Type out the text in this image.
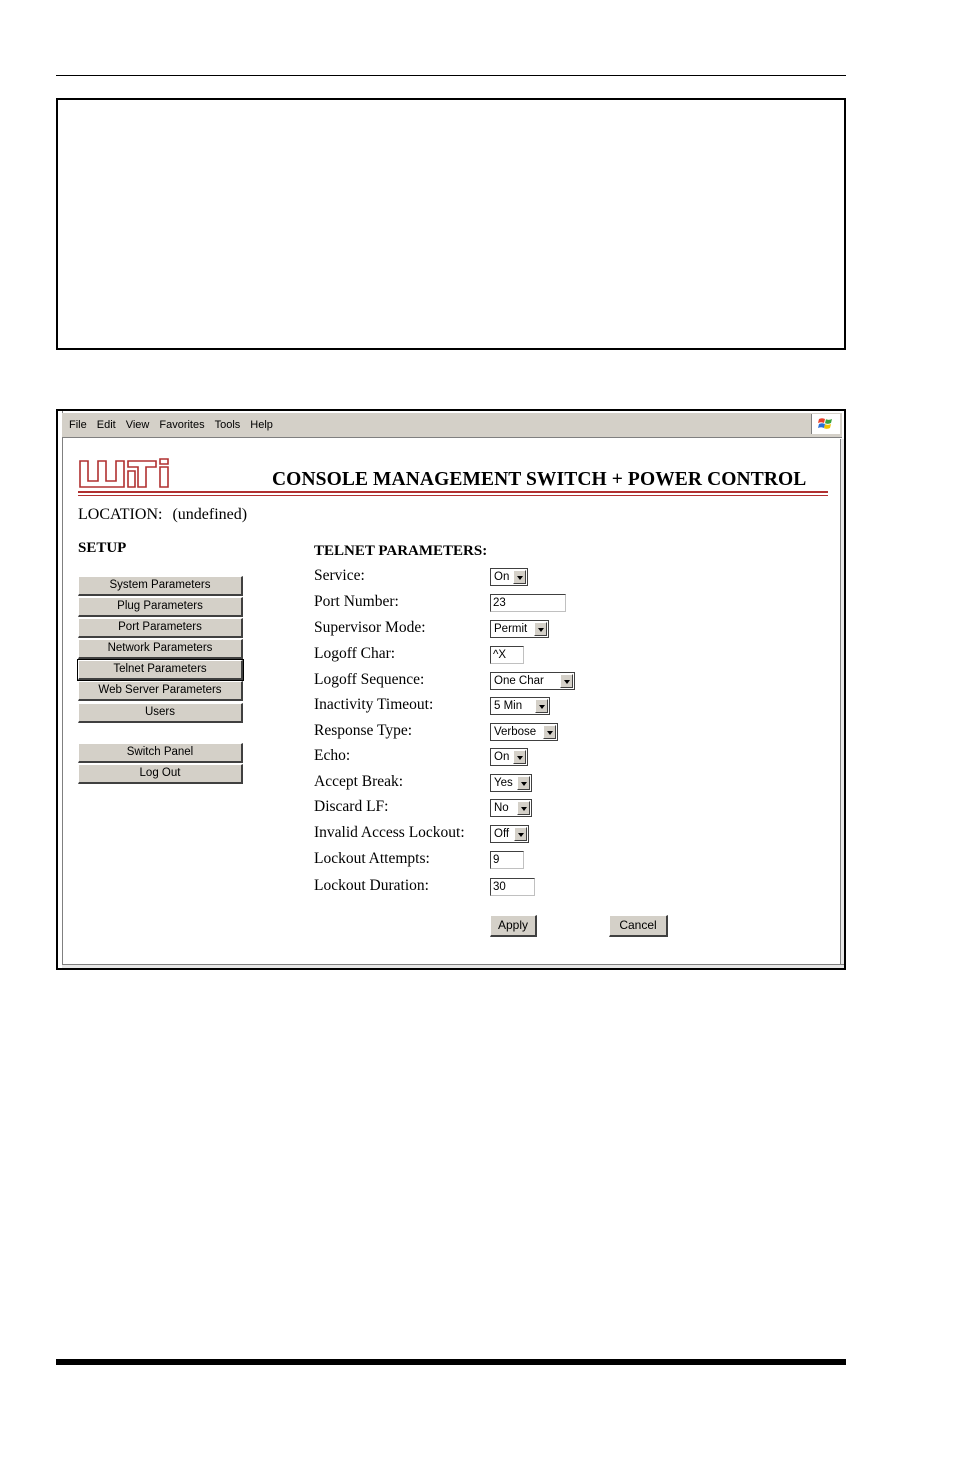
File Edit View Favorites Tools Help
CONSOLE MANAGEMENT SWITCH + POWER CONTROL
LOCATION: (undefined)
SETUP
System Parameters
Plug Parameters
Port Parameters
Network Parameters
Telnet Parameters
Web Server Parameters
Users
Switch Panel
Log Out
TELNET PARAMETERS:
Service:	On
Port Number:	23
Supervisor Mode:	Permit
Logoff Char:	^X
Logoff Sequence:	One Char
Inactivity Timeout:	5 Min
Response Type:	Verbose
Echo:	On
Accept Break:	Yes
Discard LF:	No
Invalid Access Lockout:	Off
Lockout Attempts:	9
Lockout Duration:	30
Apply	Cancel
